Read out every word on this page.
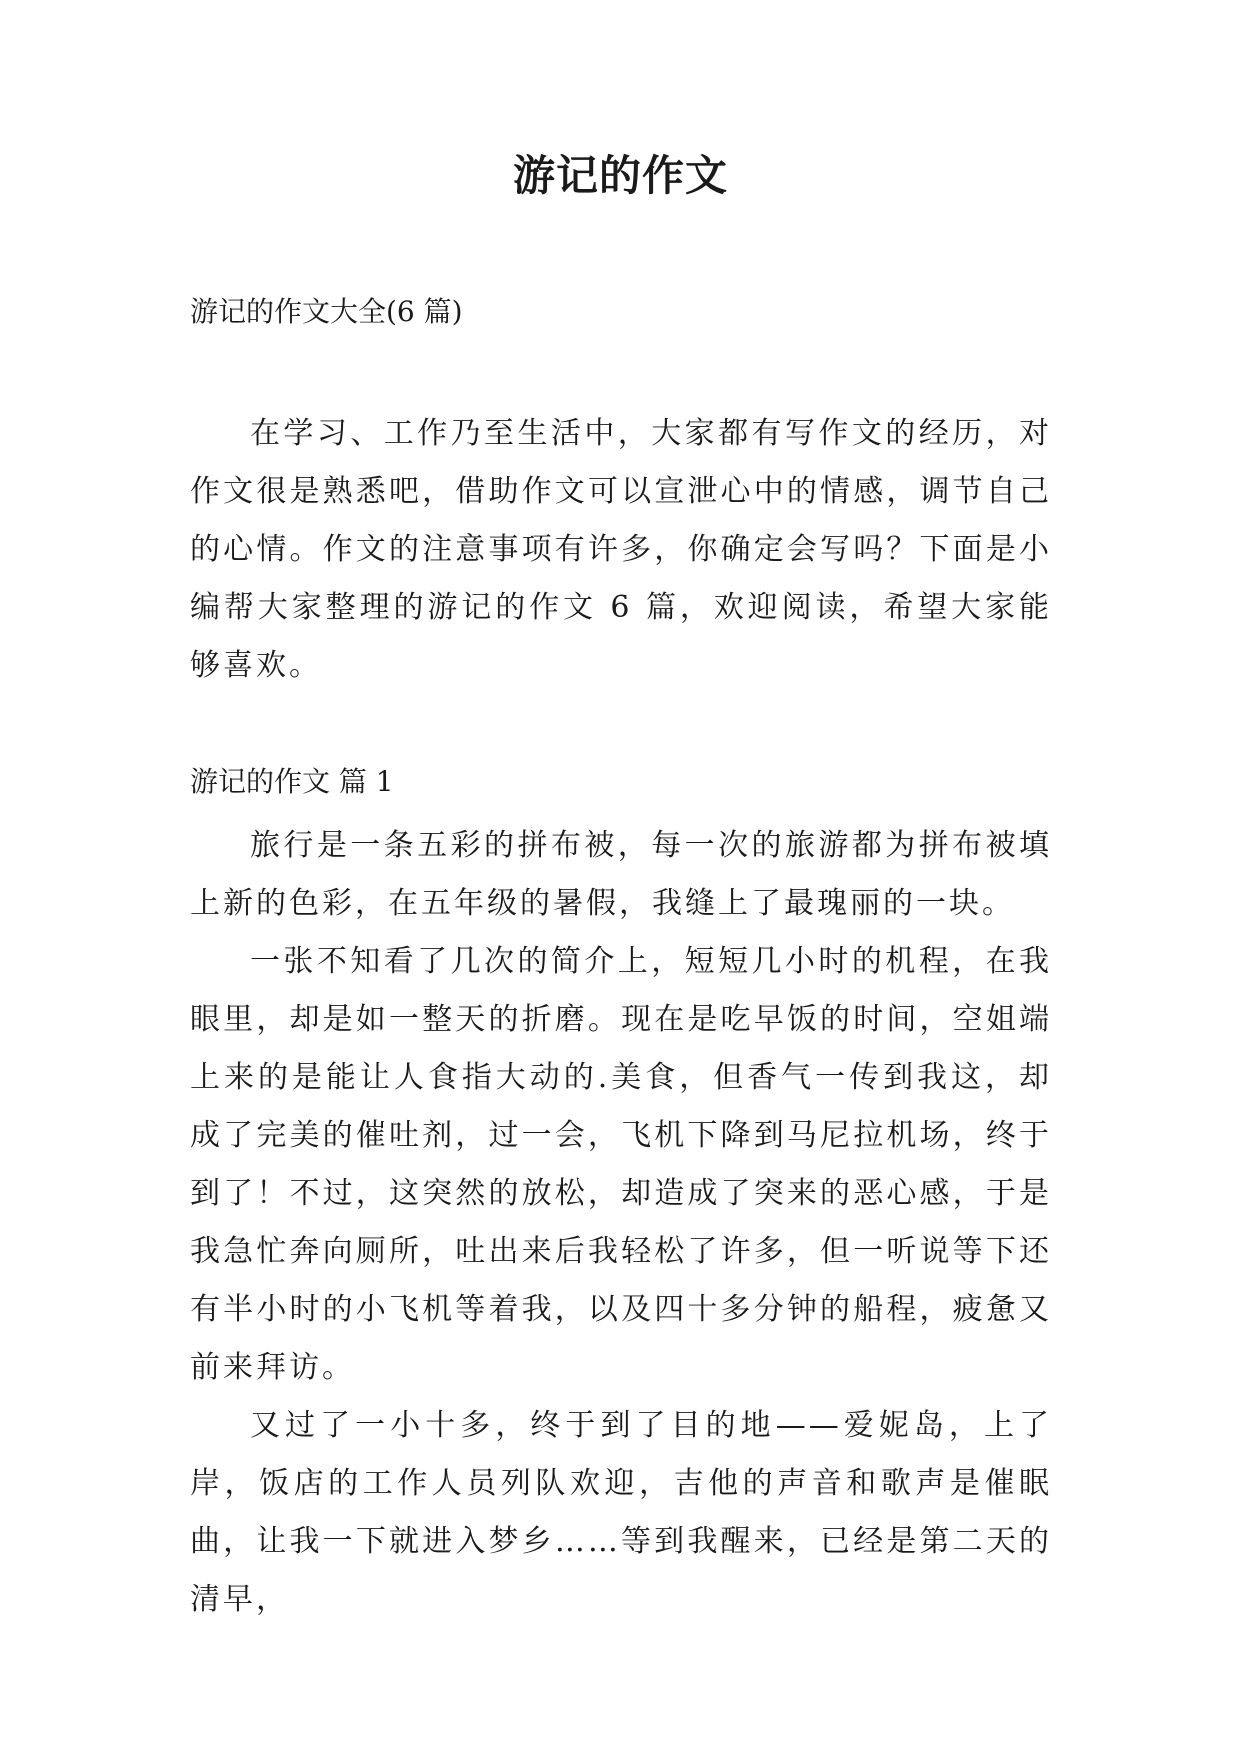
游记的作文
游记的作文大全(6 篇)

在学习、工作乃至生活中，大家都有写作文的经历，对作文很是熟悉吧，借助作文可以宣泄心中的情感，调节自己的心情。作文的注意事项有许多，你确定会写吗？下面是小编帮大家整理的游记的作文 6 篇，欢迎阅读，希望大家能够喜欢。

游记的作文 篇 1

旅行是一条五彩的拼布被，每一次的旅游都为拼布被填上新的色彩，在五年级的暑假，我缝上了最瑰丽的一块。

一张不知看了几次的简介上，短短几小时的机程，在我眼里，却是如一整天的折磨。现在是吃早饭的时间，空姐端上来的是能让人食指大动的.美食，但香气一传到我这，却成了完美的催吐剂，过一会，飞机下降到马尼拉机场，终于到了！不过，这突然的放松，却造成了突来的恶心感，于是我急忙奔向厕所，吐出来后我轻松了许多，但一听说等下还有半小时的小飞机等着我，以及四十多分钟的船程，疲惫又前来拜访。

又过了一小十多，终于到了目的地——爱妮岛，上了岸，饭店的工作人员列队欢迎，吉他的声音和歌声是催眠曲，让我一下就进入梦乡……等到我醒来，已经是第二天的清早，
